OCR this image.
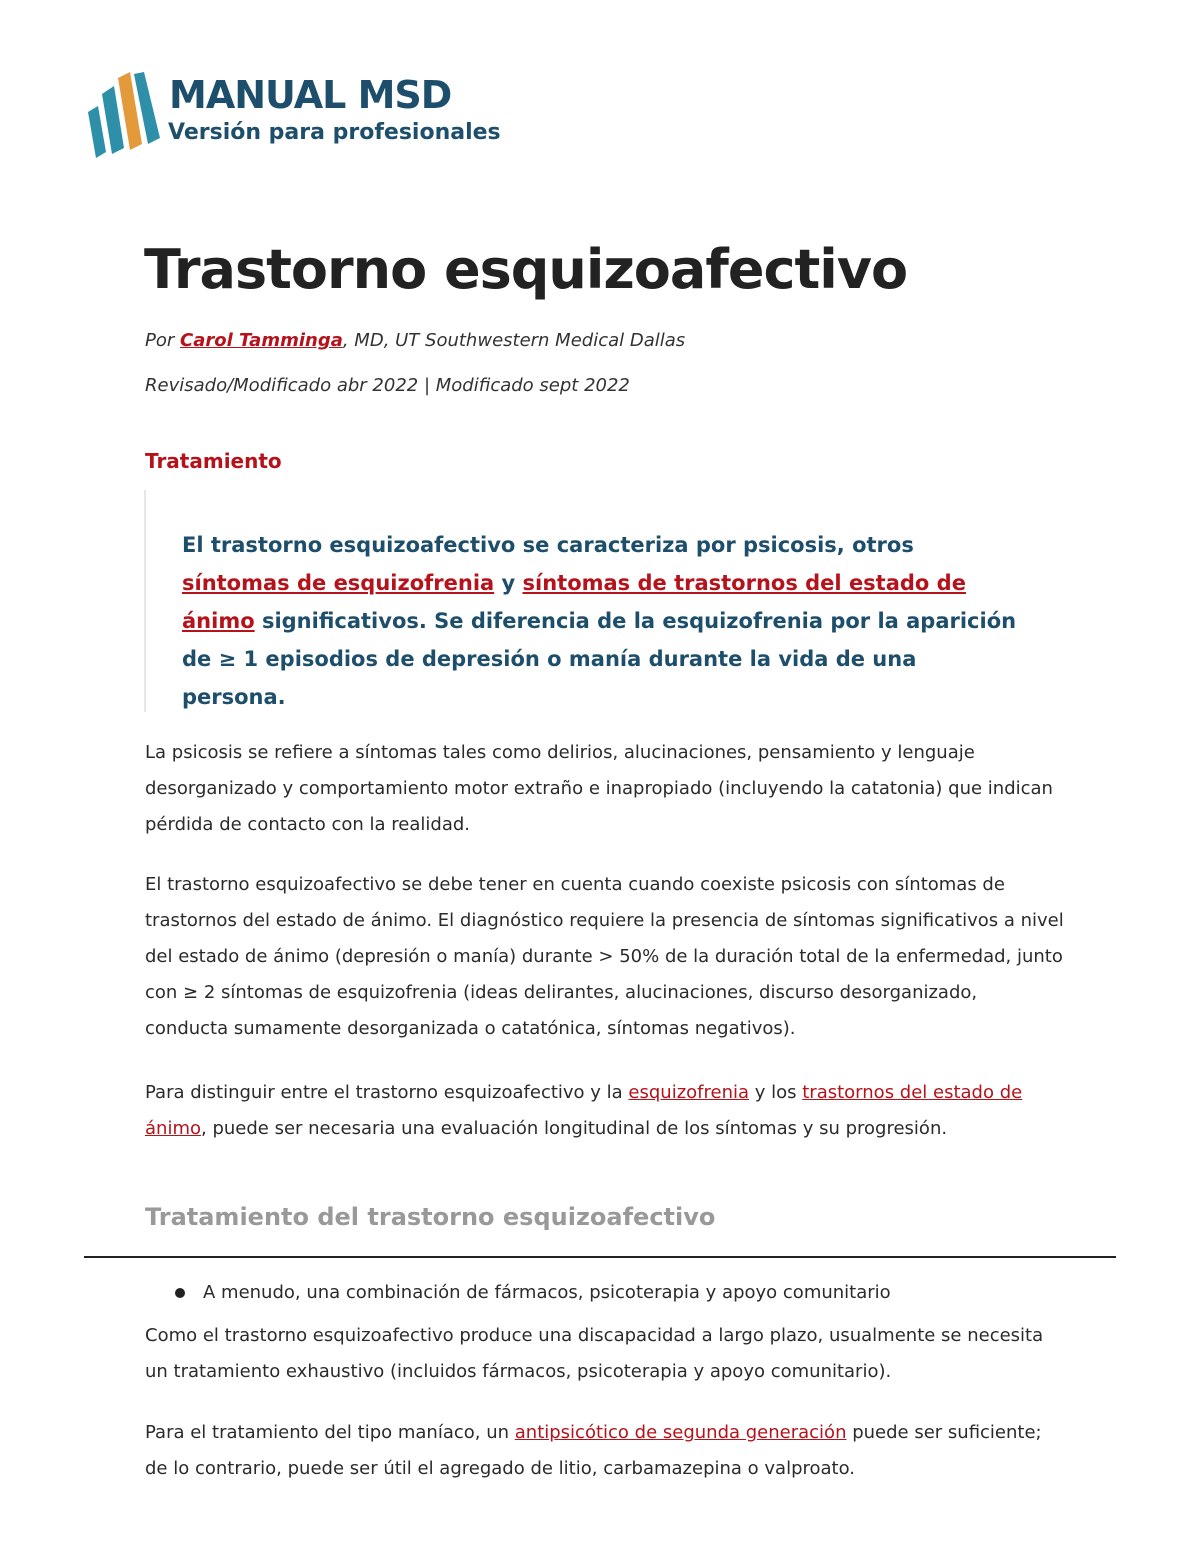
MANUAL MSD
Versión para profesionales
Trastorno esquizoafectivo
Por Carol Tamminga, MD, UT Southwestern Medical Dallas
Revisado/Modificado abr 2022 | Modificado sept 2022
Tratamiento

El trastorno esquizoafectivo se caracteriza por psicosis, otros síntomas de esquizofrenia y síntomas de trastornos del estado de ánimo significativos. Se diferencia de la esquizofrenia por la aparición de ≥ 1 episodios de depresión o manía durante la vida de una persona.

La psicosis se refiere a síntomas tales como delirios, alucinaciones, pensamiento y lenguaje desorganizado y comportamiento motor extraño e inapropiado (incluyendo la catatonia) que indican pérdida de contacto con la realidad.

El trastorno esquizoafectivo se debe tener en cuenta cuando coexiste psicosis con síntomas de trastornos del estado de ánimo. El diagnóstico requiere la presencia de síntomas significativos a nivel del estado de ánimo (depresión o manía) durante > 50% de la duración total de la enfermedad, junto con ≥ 2 síntomas de esquizofrenia (ideas delirantes, alucinaciones, discurso desorganizado, conducta sumamente desorganizada o catatónica, síntomas negativos).

Para distinguir entre el trastorno esquizoafectivo y la esquizofrenia y los trastornos del estado de ánimo, puede ser necesaria una evaluación longitudinal de los síntomas y su progresión.

Tratamiento del trastorno esquizoafectivo
A menudo, una combinación de fármacos, psicoterapia y apoyo comunitario

Como el trastorno esquizoafectivo produce una discapacidad a largo plazo, usualmente se necesita un tratamiento exhaustivo (incluidos fármacos, psicoterapia y apoyo comunitario).

Para el tratamiento del tipo maníaco, un antipsicótico de segunda generación puede ser suficiente; de lo contrario, puede ser útil el agregado de litio, carbamazepina o valproato.
